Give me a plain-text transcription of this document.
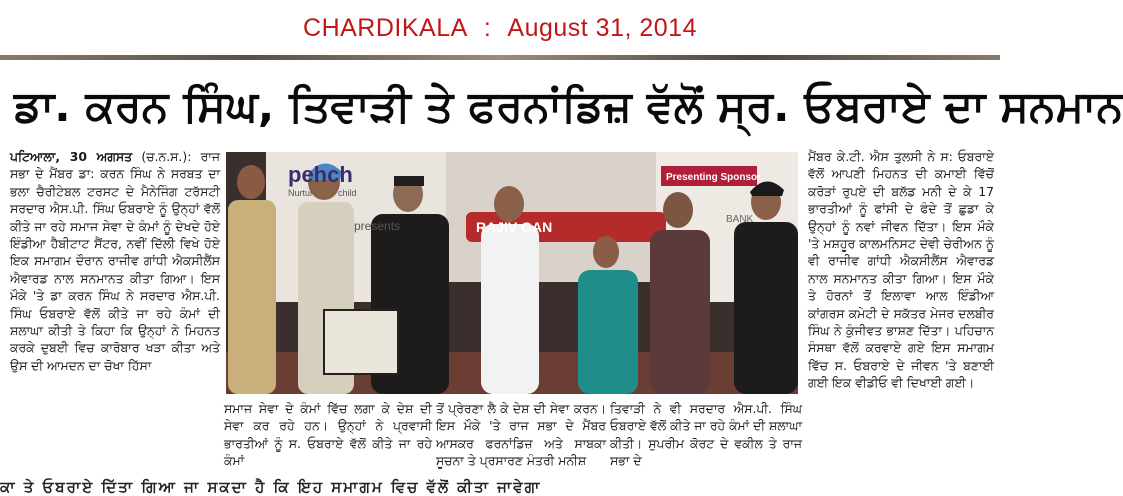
CHARDIKALA : August 31, 2014
ਡਾ. ਕਰਨ ਸਿੰਘ, ਤਿਵਾੜੀ ਤੇ ਫਰਨਾਂਡਿਜ਼ ਵੱਲੋਂ ਸ੍ਰ. ਓਬਰਾਏ ਦਾ ਸਨਮਾਨ
ਪਟਿਆਲਾ, 30 ਅਗਸਤ (ਚ.ਨ.ਸ.): ਰਾਜ ਸਭਾ ਦੇ ਮੈਂਬਰ ਡਾ: ਕਰਨ ਸਿੰਘ ਨੇ ਸਰਬਤ ਦਾ ਭਲਾ ਚੈਰੀਟੇਬਲ ਟਰਸਟ ਦੇ ਮੈਨੇਜਿੰਗ ਟਰੱਸਟੀ ਸਰਦਾਰ ਐਸ.ਪੀ. ਸਿੰਘ ਓਬਰਾਏ ਨੂੰ ਉਨ੍ਹਾਂ ਵੱਲੋਂ ਕੀਤੇ ਜਾ ਰਹੇ ਸਮਾਜ ਸੇਵਾ ਦੇ ਕੰਮਾਂ ਨੂੰ ਦੇਖਦੇ ਹੋਏ ਇੰਡੀਆ ਹੈਬੀਟਾਟ ਸੈਂਟਰ, ਨਵੀਂ ਦਿੱਲੀ ਵਿਖੇ ਹੋਏ ਇਕ ਸਮਾਗਮ ਦੌਰਾਨ ਰਾਜੀਵ ਗਾਂਧੀ ਐਕਸੀਲੈਂਸ ਐਵਾਰਡ ਨਾਲ ਸਨਮਾਨਤ ਕੀਤਾ ਗਿਆ। ਇਸ ਮੌਕੇ 'ਤੇ ਡਾ ਕਰਨ ਸਿੰਘ ਨੇ ਸਰਦਾਰ ਐਸ.ਪੀ. ਸਿੰਘ ਓਬਰਾਏ ਵੱਲੋਂ ਕੀਤੇ ਜਾ ਰਹੇ ਕੰਮਾਂ ਦੀ ਸ਼ਲਾਘਾ ਕੀਤੀ ਤੇ ਕਿਹਾ ਕਿ ਉਨ੍ਹਾਂ ਨੇ ਮਿਹਨਤ ਕਰਕੇ ਦੁਬਈ ਵਿਚ ਕਾਰੋਬਾਰ ਖੜਾ ਕੀਤਾ ਅਤੇ ਉਸ ਦੀ ਆਮਦਨ ਦਾ ਚੋਖਾ ਹਿੱਸਾ
pehch
Nurtur	child
presents	RAJIV GAN
Presenting Sponsor
BANK
ਸਮਾਜ ਸੇਵਾ ਦੇ ਕੰਮਾਂ ਵਿੱਚ ਲਗਾ ਕੇ ਦੇਸ਼ ਦੀ ਸੇਵਾ ਕਰ ਰਹੇ ਹਨ। ਉਨ੍ਹਾਂ ਨੇ ਪ੍ਰਵਾਸੀ ਭਾਰਤੀਆਂ ਨੂੰ ਸ. ਓਬਰਾਏ ਵੱਲੋਂ ਕੀਤੇ ਜਾ ਰਹੇ ਕੰਮਾਂ
ਤੋਂ ਪ੍ਰੇਰਣਾ ਲੈ ਕੇ ਦੇਸ਼ ਦੀ ਸੇਵਾ ਕਰਨ। ਇਸ ਮੌਕੇ 'ਤੇ ਰਾਜ ਸਭਾ ਦੇ ਮੈਂਬਰ ਆਸਕਰ ਫਰਨਾਂਡਿਜ਼ ਅਤੇ ਸਾਬਕਾ ਸੂਚਨਾ ਤੇ ਪ੍ਰਸਾਰਣ ਮੰਤਰੀ ਮਨੀਸ਼
ਤਿਵਾੜੀ ਨੇ ਵੀ ਸਰਦਾਰ ਐਸ.ਪੀ. ਸਿੰਘ ਓਬਰਾਏ ਵੱਲੋਂ ਕੀਤੇ ਜਾ ਰਹੇ ਕੰਮਾਂ ਦੀ ਸ਼ਲਾਘਾ ਕੀਤੀ। ਸੁਪਰੀਮ ਕੋਰਟ ਦੇ ਵਕੀਲ ਤੇ ਰਾਜ ਸਭਾ ਦੇ
ਮੈਂਬਰ ਕੇ.ਟੀ. ਐਸ ਤੁਲਸੀ ਨੇ ਸ: ਓਬਰਾਏ ਵੱਲੋਂ ਆਪਣੀ ਮਿਹਨਤ ਦੀ ਕਮਾਈ ਵਿੱਚੋਂ ਕਰੋੜਾਂ ਰੁਪਏ ਦੀ ਬਲੱਡ ਮਨੀ ਦੇ ਕੇ 17 ਭਾਰਤੀਆਂ ਨੂੰ ਫਾਂਸੀ ਦੇ ਫੰਦੇ ਤੋਂ ਛੁਡਾ ਕੇ ਉਨ੍ਹਾਂ ਨੂੰ ਨਵਾਂ ਜੀਵਨ ਦਿੱਤਾ। ਇਸ ਮੌਕੇ 'ਤੇ ਮਸ਼ਹੂਰ ਕਾਲਮਨਿਸਟ ਦੇਵੀ ਚੇਰੀਅਨ ਨੂੰ ਵੀ ਰਾਜੀਵ ਗਾਂਧੀ ਐਕਸੀਲੈਂਸ ਐਵਾਰਡ ਨਾਲ ਸਨਮਾਨਤ ਕੀਤਾ ਗਿਆ। ਇਸ ਮੌਕੇ ਤੇ ਹੋਰਨਾਂ ਤੋਂ ਇਲਾਵਾ ਆਲ ਇੰਡੀਆ ਕਾਂਗਰਸ ਕਮੇਟੀ ਦੇ ਸਕੱਤਰ ਮੇਜਰ ਦਲਬੀਰ ਸਿੰਘ ਨੇ ਕੁੰਜੀਵਤ ਭਾਸ਼ਣ ਦਿੱਤਾ। ਪਹਿਚਾਨ ਸੰਸਥਾ ਵੱਲੋਂ ਕਰਵਾਏ ਗਏ ਇਸ ਸਮਾਗਮ ਵਿੱਚ ਸ. ਓਬਰਾਏ ਦੇ ਜੀਵਨ 'ਤੇ ਬਣਾਈ ਗਈ ਇਕ ਵੀਡੀਓ ਵੀ ਦਿਖਾਈ ਗਈ।
ਕਾ ਤੇ ਓਬਰਾਏ ਦਿੱਤਾ ਗਿਆ ਜਾ ਸਕਦਾ ਹੈ ਕਿ ਇਹ ਸਮਾਗਮ ਵਿਚ ਵੱਲੋਂ ਕੀਤਾ ਜਾਵੇਗਾ
